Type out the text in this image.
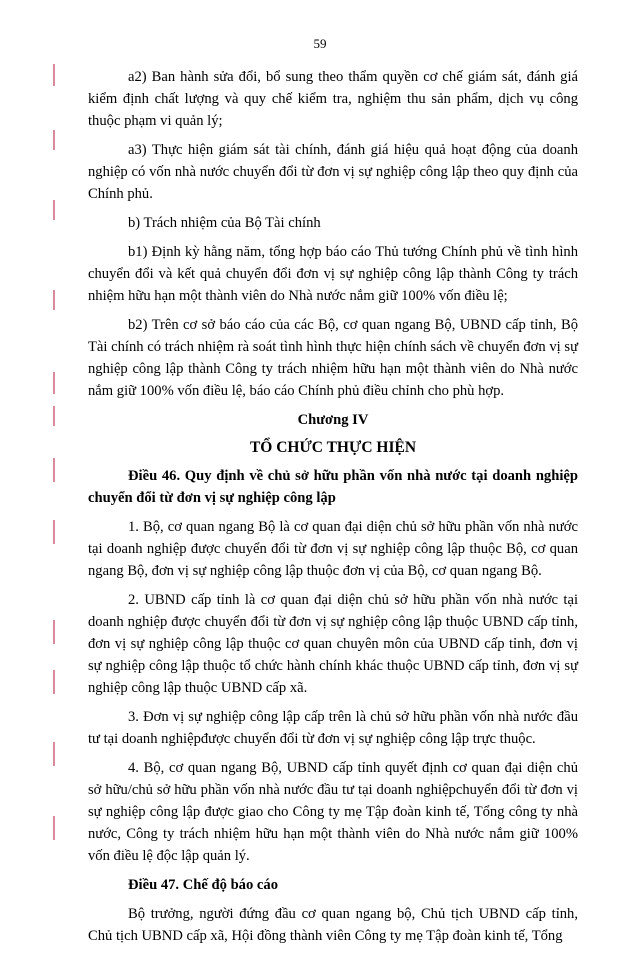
59

a2) Ban hành sửa đổi, bổ sung theo thẩm quyền cơ chế giám sát, đánh giá kiểm định chất lượng và quy chế kiểm tra, nghiệm thu sản phẩm, dịch vụ công thuộc phạm vi quản lý;

a3) Thực hiện giám sát tài chính, đánh giá hiệu quả hoạt động của doanh nghiệp có vốn nhà nước chuyển đổi từ đơn vị sự nghiệp công lập theo quy định của Chính phủ.

b) Trách nhiệm của Bộ Tài chính

b1) Định kỳ hằng năm, tổng hợp báo cáo Thủ tướng Chính phủ về tình hình chuyển đổi và kết quả chuyển đổi đơn vị sự nghiệp công lập thành Công ty trách nhiệm hữu hạn một thành viên do Nhà nước nắm giữ 100% vốn điều lệ;

b2) Trên cơ sở báo cáo của các Bộ, cơ quan ngang Bộ, UBND cấp tỉnh, Bộ Tài chính có trách nhiệm rà soát tình hình thực hiện chính sách về chuyển đơn vị sự nghiệp công lập thành Công ty trách nhiệm hữu hạn một thành viên do Nhà nước nắm giữ 100% vốn điều lệ, báo cáo Chính phủ điều chỉnh cho phù hợp.

Chương IV

TỔ CHỨC THỰC HIỆN

Điều 46. Quy định về chủ sở hữu phần vốn nhà nước tại doanh nghiệp chuyển đổi từ đơn vị sự nghiệp công lập

1. Bộ, cơ quan ngang Bộ là cơ quan đại diện chủ sở hữu phần vốn nhà nước tại doanh nghiệp được chuyển đổi từ đơn vị sự nghiệp công lập thuộc Bộ, cơ quan ngang Bộ, đơn vị sự nghiệp công lập thuộc đơn vị của Bộ, cơ quan ngang Bộ.

2. UBND cấp tỉnh là cơ quan đại diện chủ sở hữu phần vốn nhà nước tại doanh nghiệp được chuyển đổi từ đơn vị sự nghiệp công lập thuộc UBND cấp tỉnh, đơn vị sự nghiệp công lập thuộc cơ quan chuyên môn của UBND cấp tỉnh, đơn vị sự nghiệp công lập thuộc tổ chức hành chính khác thuộc UBND cấp tỉnh, đơn vị sự nghiệp công lập thuộc UBND cấp xã.

3. Đơn vị sự nghiệp công lập cấp trên là chủ sở hữu phần vốn nhà nước đầu tư tại doanh nghiệpđược chuyển đổi từ đơn vị sự nghiệp công lập trực thuộc.

4. Bộ, cơ quan ngang Bộ, UBND cấp tỉnh quyết định cơ quan đại diện chủ sở hữu/chủ sở hữu phần vốn nhà nước đầu tư tại doanh nghiệpchuyển đổi từ đơn vị sự nghiệp công lập được giao cho Công ty mẹ Tập đoàn kinh tế, Tổng công ty nhà nước, Công ty trách nhiệm hữu hạn một thành viên do Nhà nước nắm giữ 100% vốn điều lệ độc lập quản lý.

Điều 47. Chế độ báo cáo

Bộ trưởng, người đứng đầu cơ quan ngang bộ, Chủ tịch UBND cấp tỉnh, Chủ tịch UBND cấp xã, Hội đồng thành viên Công ty mẹ Tập đoàn kinh tế, Tổng
